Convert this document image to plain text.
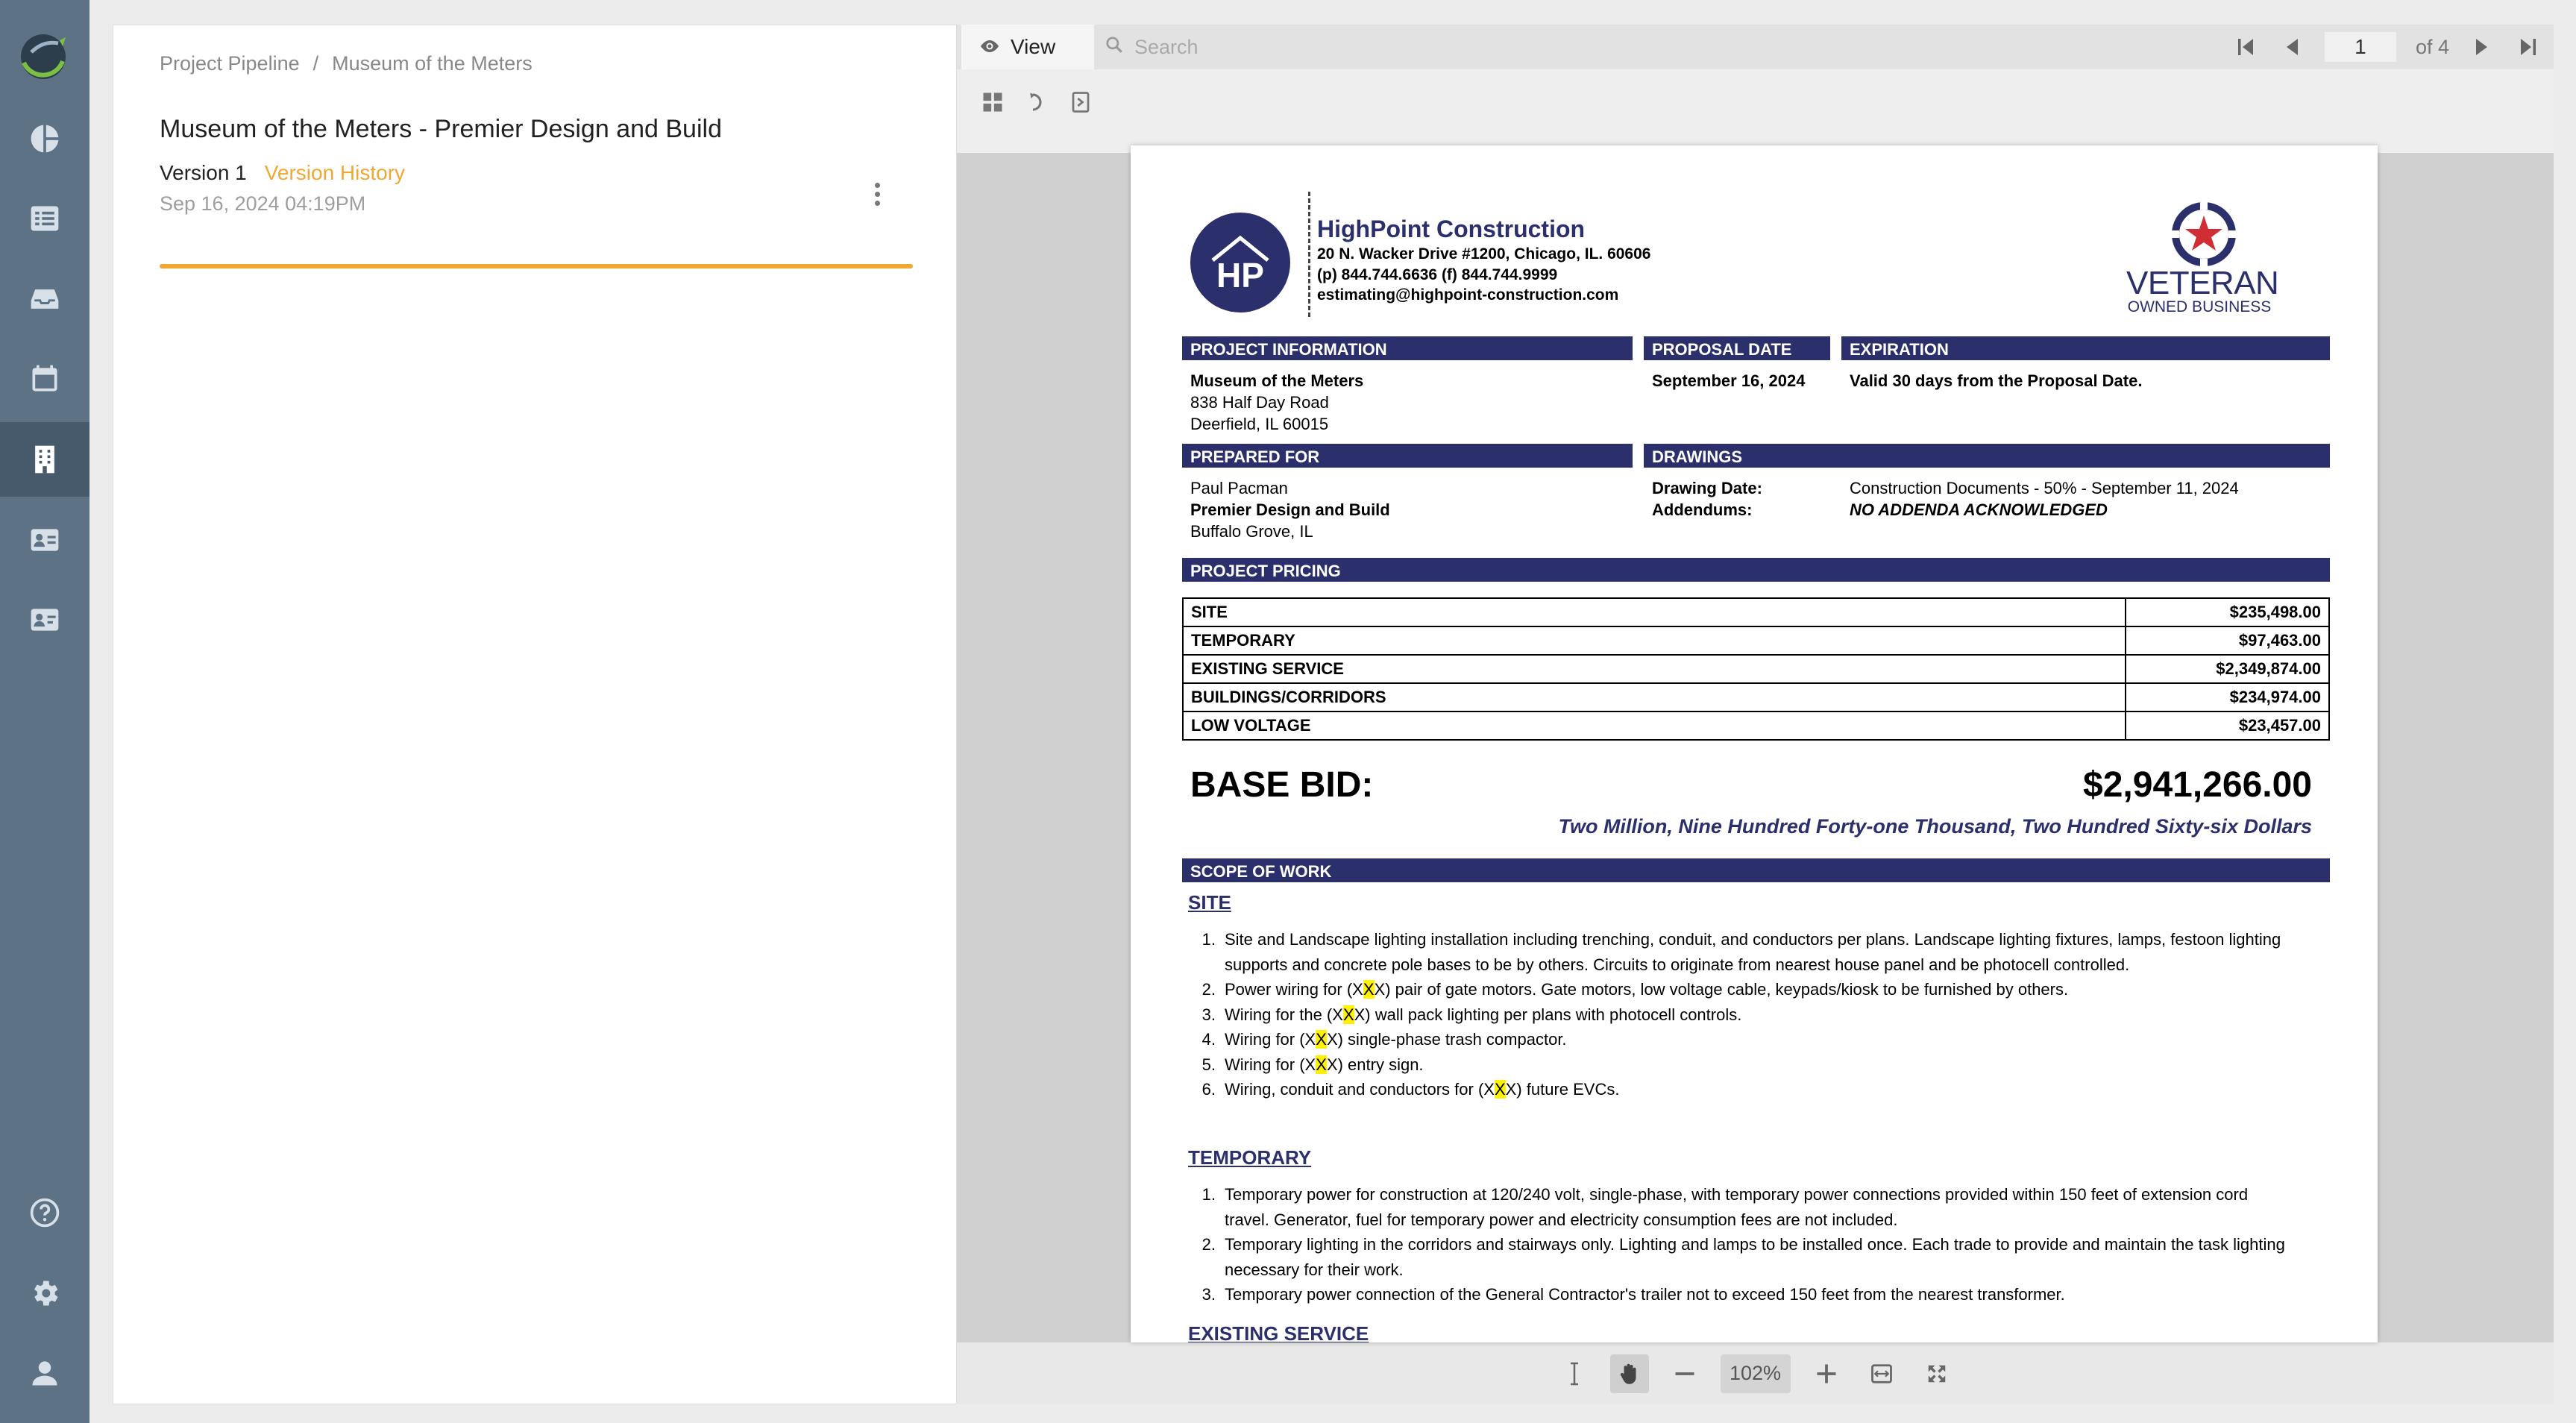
Project Pipeline / Museum of the Meters
Museum of the Meters - Premier Design and Build
Version 1 Version History
Sep 16, 2024 04:19PM
View	Search
1	of 4
102%
HP
HighPoint Construction
20 N. Wacker Drive #1200, Chicago, IL. 60606
(p) 844.744.6636 (f) 844.744.9999
estimating@highpoint-construction.com	VETERAN
OWNED BUSINESS
PROJECT INFORMATION	PROPOSAL DATE	EXPIRATION
Museum of the Meters
838 Half Day Road
Deerfield, IL 60015
September 16, 2024	Valid 30 days from the Proposal Date.
PREPARED FOR	DRAWINGS
Paul Pacman
Premier Design and Build
Buffalo Grove, IL
Drawing Date:	Construction Documents - 50% - September 11, 2024
Addendums:	NO ADDENDA ACKNOWLEDGED
PROJECT PRICING
SITE	$235,498.00
TEMPORARY	$97,463.00
EXISTING SERVICE	$2,349,874.00
BUILDINGS/CORRIDORS	$234,974.00
LOW VOLTAGE	$23,457.00
BASE BID:	$2,941,266.00
Two Million, Nine Hundred Forty-one Thousand, Two Hundred Sixty-six Dollars
SCOPE OF WORK
SITE
1. Site and Landscape lighting installation including trenching, conduit, and conductors per plans. Landscape lighting fixtures, lamps, festoon lighting supports and concrete pole bases to be by others. Circuits to originate from nearest house panel and be photocell controlled.
2. Power wiring for (XXX) pair of gate motors. Gate motors, low voltage cable, keypads/kiosk to be furnished by others.
3. Wiring for the (XXX) wall pack lighting per plans with photocell controls.
4. Wiring for (XXX) single-phase trash compactor.
5. Wiring for (XXX) entry sign.
6. Wiring, conduit and conductors for (XXX) future EVCs.
TEMPORARY
1. Temporary power for construction at 120/240 volt, single-phase, with temporary power connections provided within 150 feet of extension cord travel. Generator, fuel for temporary power and electricity consumption fees are not included.
2. Temporary lighting in the corridors and stairways only. Lighting and lamps to be installed once. Each trade to provide and maintain the task lighting necessary for their work.
3. Temporary power connection of the General Contractor's trailer not to exceed 150 feet from the nearest transformer.
EXISTING SERVICE
